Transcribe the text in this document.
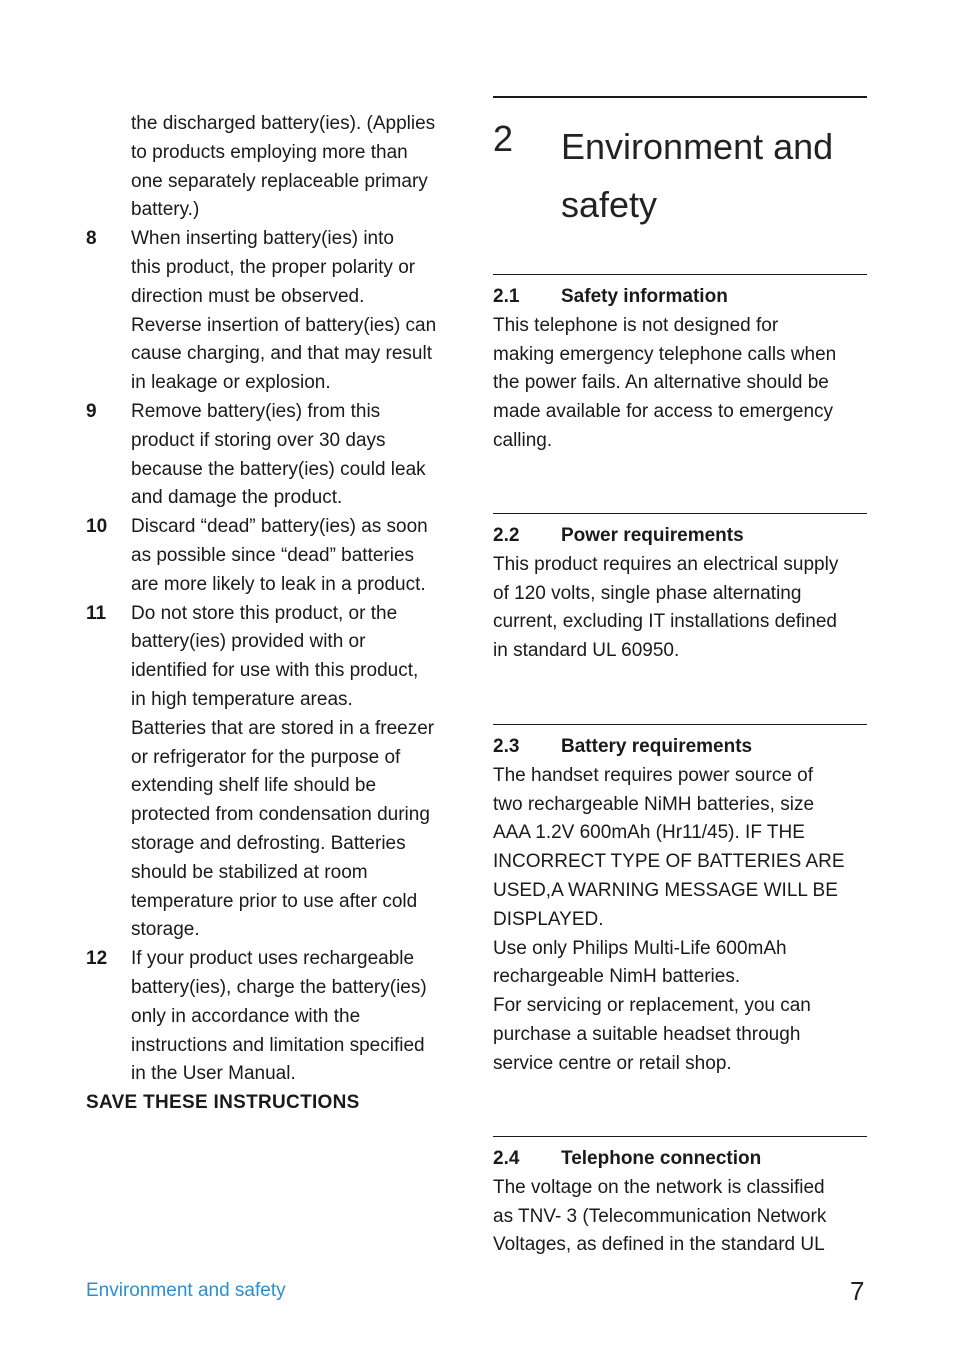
the discharged battery(ies). (Applies
to products employing more than
one separately replaceable primary
battery.)
8 When inserting battery(ies) into
this product, the proper polarity or
direction must be observed.
Reverse insertion of battery(ies) can
cause charging, and that may result
in leakage or explosion.
9 Remove battery(ies) from this
product if storing over 30 days
because the battery(ies) could leak
and damage the product.
10 Discard “dead” battery(ies) as soon
as possible since “dead” batteries
are more likely to leak in a product.
11 Do not store this product, or the
battery(ies) provided with or
identified for use with this product,
in high temperature areas.
Batteries that are stored in a freezer
or refrigerator for the purpose of
extending shelf life should be
protected from condensation during
storage and defrosting. Batteries
should be stabilized at room
temperature prior to use after cold
storage.
12 If your product uses rechargeable
battery(ies), charge the battery(ies)
only in accordance with the
instructions and limitation specified
in the User Manual.
SAVE THESE INSTRUCTIONS
2 Environment and
safety
2.1 Safety information
This telephone is not designed for
making emergency telephone calls when
the power fails. An alternative should be
made available for access to emergency
calling.
2.2 Power requirements
This product requires an electrical supply
of 120 volts, single phase alternating
current, excluding IT installations defined
in standard UL 60950.
2.3 Battery requirements
The handset requires power source of
two rechargeable NiMH batteries, size
AAA 1.2V 600mAh (Hr11/45). IF THE
INCORRECT TYPE OF BATTERIES ARE
USED,A WARNING MESSAGE WILL BE
DISPLAYED.
Use only Philips Multi-Life 600mAh
rechargeable NimH batteries.
For servicing or replacement, you can
purchase a suitable headset through
service centre or retail shop.
2.4 Telephone connection
The voltage on the network is classified
as TNV- 3 (Telecommunication Network
Voltages, as defined in the standard UL
Environment and safety	7
